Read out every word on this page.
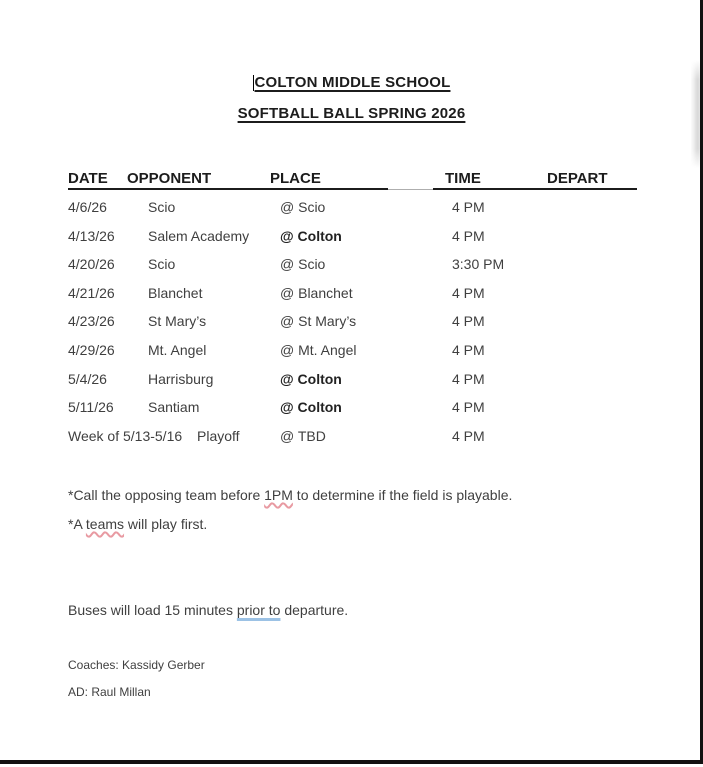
COLTON MIDDLE SCHOOL
SOFTBALL BALL SPRING 2026
DATE OPPONENT	PLACE	TIME	DEPART
4/6/26	Scio	@ Scio	4 PM
4/13/26 Salem Academy @ Colton	4 PM
4/20/26 Scio	@ Scio	3:30 PM
4/21/26 Blanchet	@ Blanchet	4 PM
4/23/26 St Mary’s	@ St Mary’s	4 PM
4/29/26 Mt. Angel	@ Mt. Angel	4 PM
5/4/26	Harrisburg	@ Colton	4 PM
5/11/26 Santiam	@ Colton	4 PM
Week of 5/13-5/16 Playoff	@ TBD	4 PM
*Call the opposing team before 1PM to determine if the field is playable.
*A teams will play first.
Buses will load 15 minutes prior to departure.
Coaches: Kassidy Gerber
AD: Raul Millan
